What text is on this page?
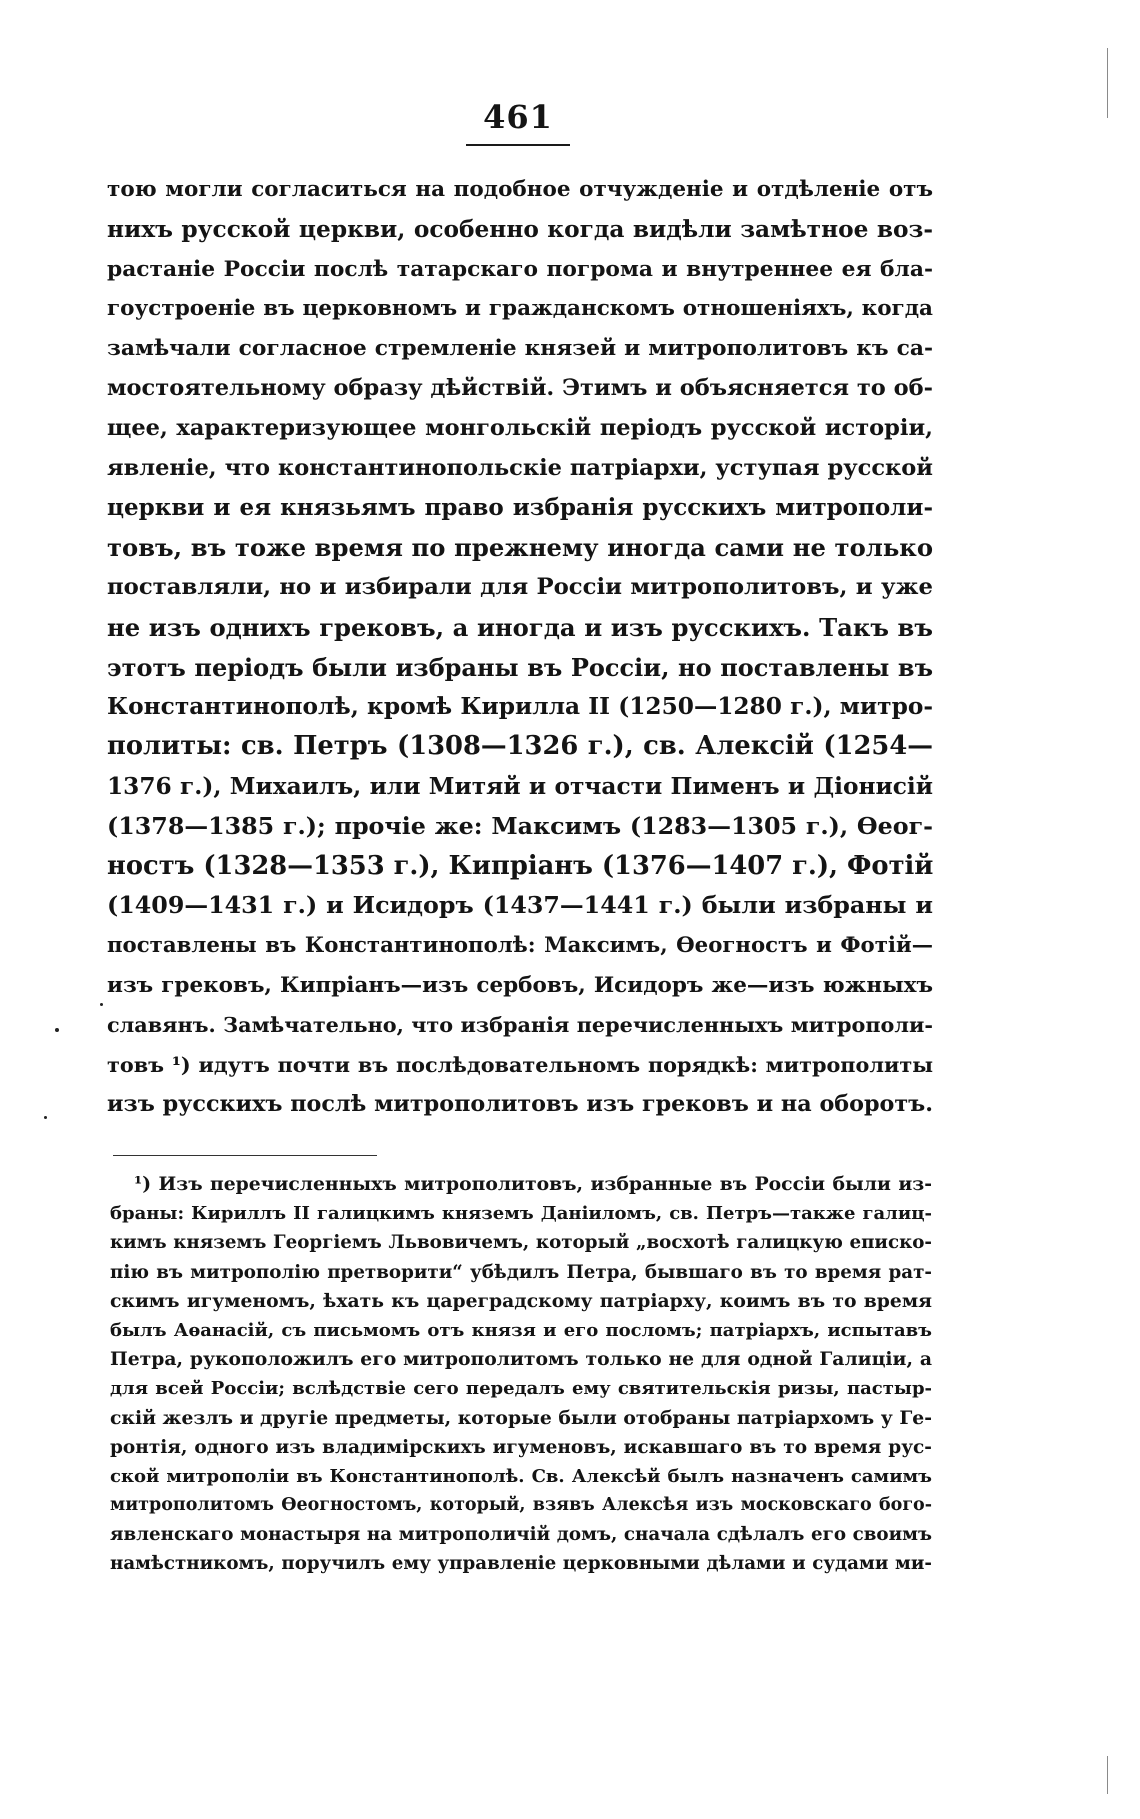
461
тою могли согласиться на подобное отчужденіе и отдѣленіе отъ
нихъ русской церкви, особенно когда видѣли замѣтное воз-
растаніе Россіи послѣ татарскаго погрома и внутреннее ея бла-
гоустроеніе въ церковномъ и гражданскомъ отношеніяхъ, когда
замѣчали согласное стремленіе князей и митрополитовъ къ са-
мостоятельному образу дѣйствій. Этимъ и объясняется то об-
щее, характеризующее монгольскій періодъ русской исторіи,
явленіе, что константинопольскіе патріархи, уступая русской
церкви и ея князьямъ право избранія русскихъ митрополи-
товъ, въ тоже время по прежнему иногда сами не только
поставляли, но и избирали для Россіи митрополитовъ, и уже
не изъ однихъ грековъ, а иногда и изъ русскихъ. Такъ въ
этотъ періодъ были избраны въ Россіи, но поставлены въ
Константинополѣ, кромѣ Кирилла II (1250—1280 г.), митро-
политы: св. Петръ (1308—1326 г.), св. Алексій (1254—
1376 г.), Михаилъ, или Митяй и отчасти Пименъ и Діонисій
(1378—1385 г.); прочіе же: Максимъ (1283—1305 г.), Ѳеог-
ностъ (1328—1353 г.), Кипріанъ (1376—1407 г.), Фотій
(1409—1431 г.) и Исидоръ (1437—1441 г.) были избраны и
поставлены въ Константинополѣ: Максимъ, Ѳеогностъ и Фотій—
изъ грековъ, Кипріанъ—изъ сербовъ, Исидоръ же—изъ южныхъ
славянъ. Замѣчательно, что избранія перечисленныхъ митрополи-
товъ ¹) идутъ почти въ послѣдовательномъ порядкѣ: митрополиты
изъ русскихъ послѣ митрополитовъ изъ грековъ и на оборотъ.
¹) Изъ перечисленныхъ митрополитовъ, избранные въ Россіи были из-
браны: Кириллъ II галицкимъ княземъ Даніиломъ, св. Петръ—также галиц-
кимъ княземъ Георгіемъ Львовичемъ, который „восхотѣ галицкую еписко-
пію въ митрополію претворити“ убѣдилъ Петра, бывшаго въ то время рат-
скимъ игуменомъ, ѣхать къ цареградскому патріарху, коимъ въ то время
былъ Аѳанасій, съ письмомъ отъ князя и его посломъ; патріархъ, испытавъ
Петра, рукоположилъ его митрополитомъ только не для одной Галиціи, а
для всей Россіи; вслѣдствіе сего передалъ ему святительскія ризы, пастыр-
скій жезлъ и другіе предметы, которые были отобраны патріархомъ у Ге-
ронтія, одного изъ владимірскихъ игуменовъ, искавшаго въ то время рус-
ской митрополіи въ Константинополѣ. Св. Алексѣй былъ назначенъ самимъ
митрополитомъ Ѳеогностомъ, который, взявъ Алексѣя изъ московскаго бого-
явленскаго монастыря на митрополичій домъ, сначала сдѣлалъ его своимъ
намѣстникомъ, поручилъ ему управленіе церковными дѣлами и судами ми-
